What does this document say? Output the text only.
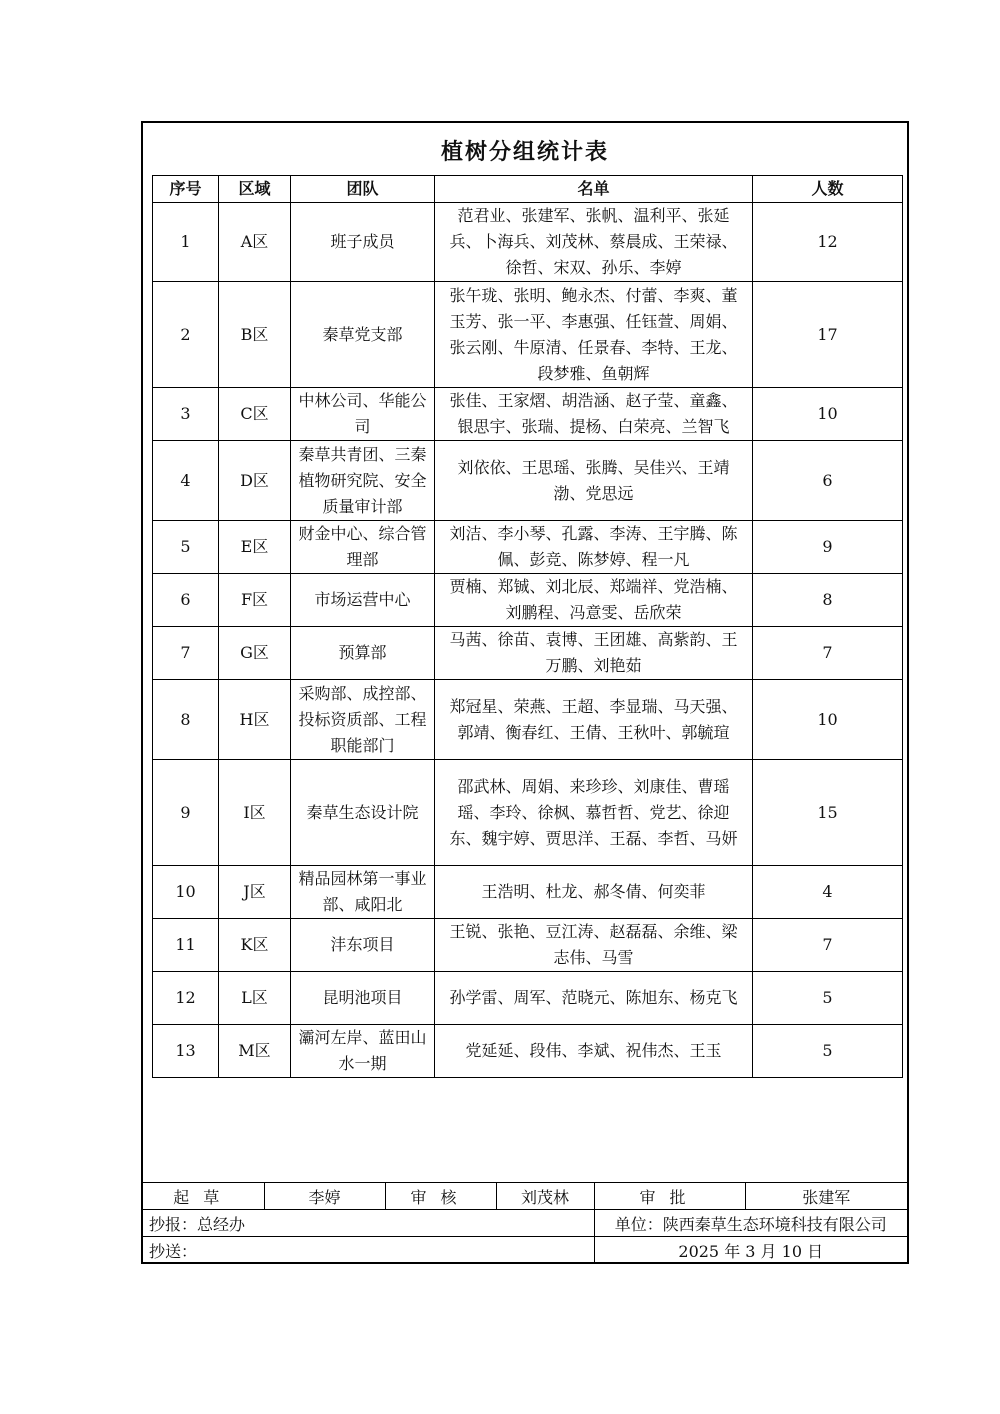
植树分组统计表
序号	区域	团队	名单	人数
1	A区	班子成员	范君业、张建军、张帆、温利平、张延兵、卜海兵、刘茂林、蔡晨成、王荣禄、徐哲、宋双、孙乐、李婷	12
2	B区	秦草党支部	张午珑、张明、鲍永杰、付蕾、李爽、董玉芳、张一平、李惠强、任钰萱、周娟、张云刚、牛原清、任景春、李特、王龙、段梦雅、鱼朝辉	17
3	C区	中林公司、华能公司	张佳、王家熠、胡浩涵、赵子莹、童鑫、银思宇、张瑞、提杨、白荣亮、兰智飞	10
4	D区	秦草共青团、三秦植物研究院、安全质量审计部	刘依依、王思瑶、张腾、吴佳兴、王靖渤、党思远	6
5	E区	财金中心、综合管理部	刘洁、李小琴、孔露、李涛、王宇腾、陈佩、彭竞、陈梦婷、程一凡	9
6	F区	市场运营中心	贾楠、郑铖、刘北辰、郑端祥、党浩楠、刘鹏程、冯意雯、岳欣荣	8
7	G区	预算部	马茜、徐苗、袁博、王团雄、高紫韵、王万鹏、刘艳茹	7
8	H区	采购部、成控部、投标资质部、工程职能部门	郑冠星、荣燕、王超、李显瑞、马天强、郭靖、衡春红、王倩、王秋叶、郭毓瑄	10
9	I区	秦草生态设计院	邵武林、周娟、来珍珍、刘康佳、曹瑶瑶、李玲、徐枫、慕哲哲、党艺、徐迎东、魏宇婷、贾思洋、王磊、李哲、马妍	15
10	J区	精品园林第一事业部、咸阳北	王浩明、杜龙、郝冬倩、何奕菲	4
11	K区	沣东项目	王锐、张艳、豆江涛、赵磊磊、余维、梁志伟、马雪	7
12	L区	昆明池项目	孙学雷、周军、范晓元、陈旭东、杨克飞	5
13	M区	灞河左岸、蓝田山水一期	党延延、段伟、李斌、祝伟杰、王玉	5
起草	李婷	审核	刘茂林	审批	张建军
抄报：总经办				单位：陕西秦草生态环境科技有限公司	
抄送：				2025 年 3 月 10 日	
